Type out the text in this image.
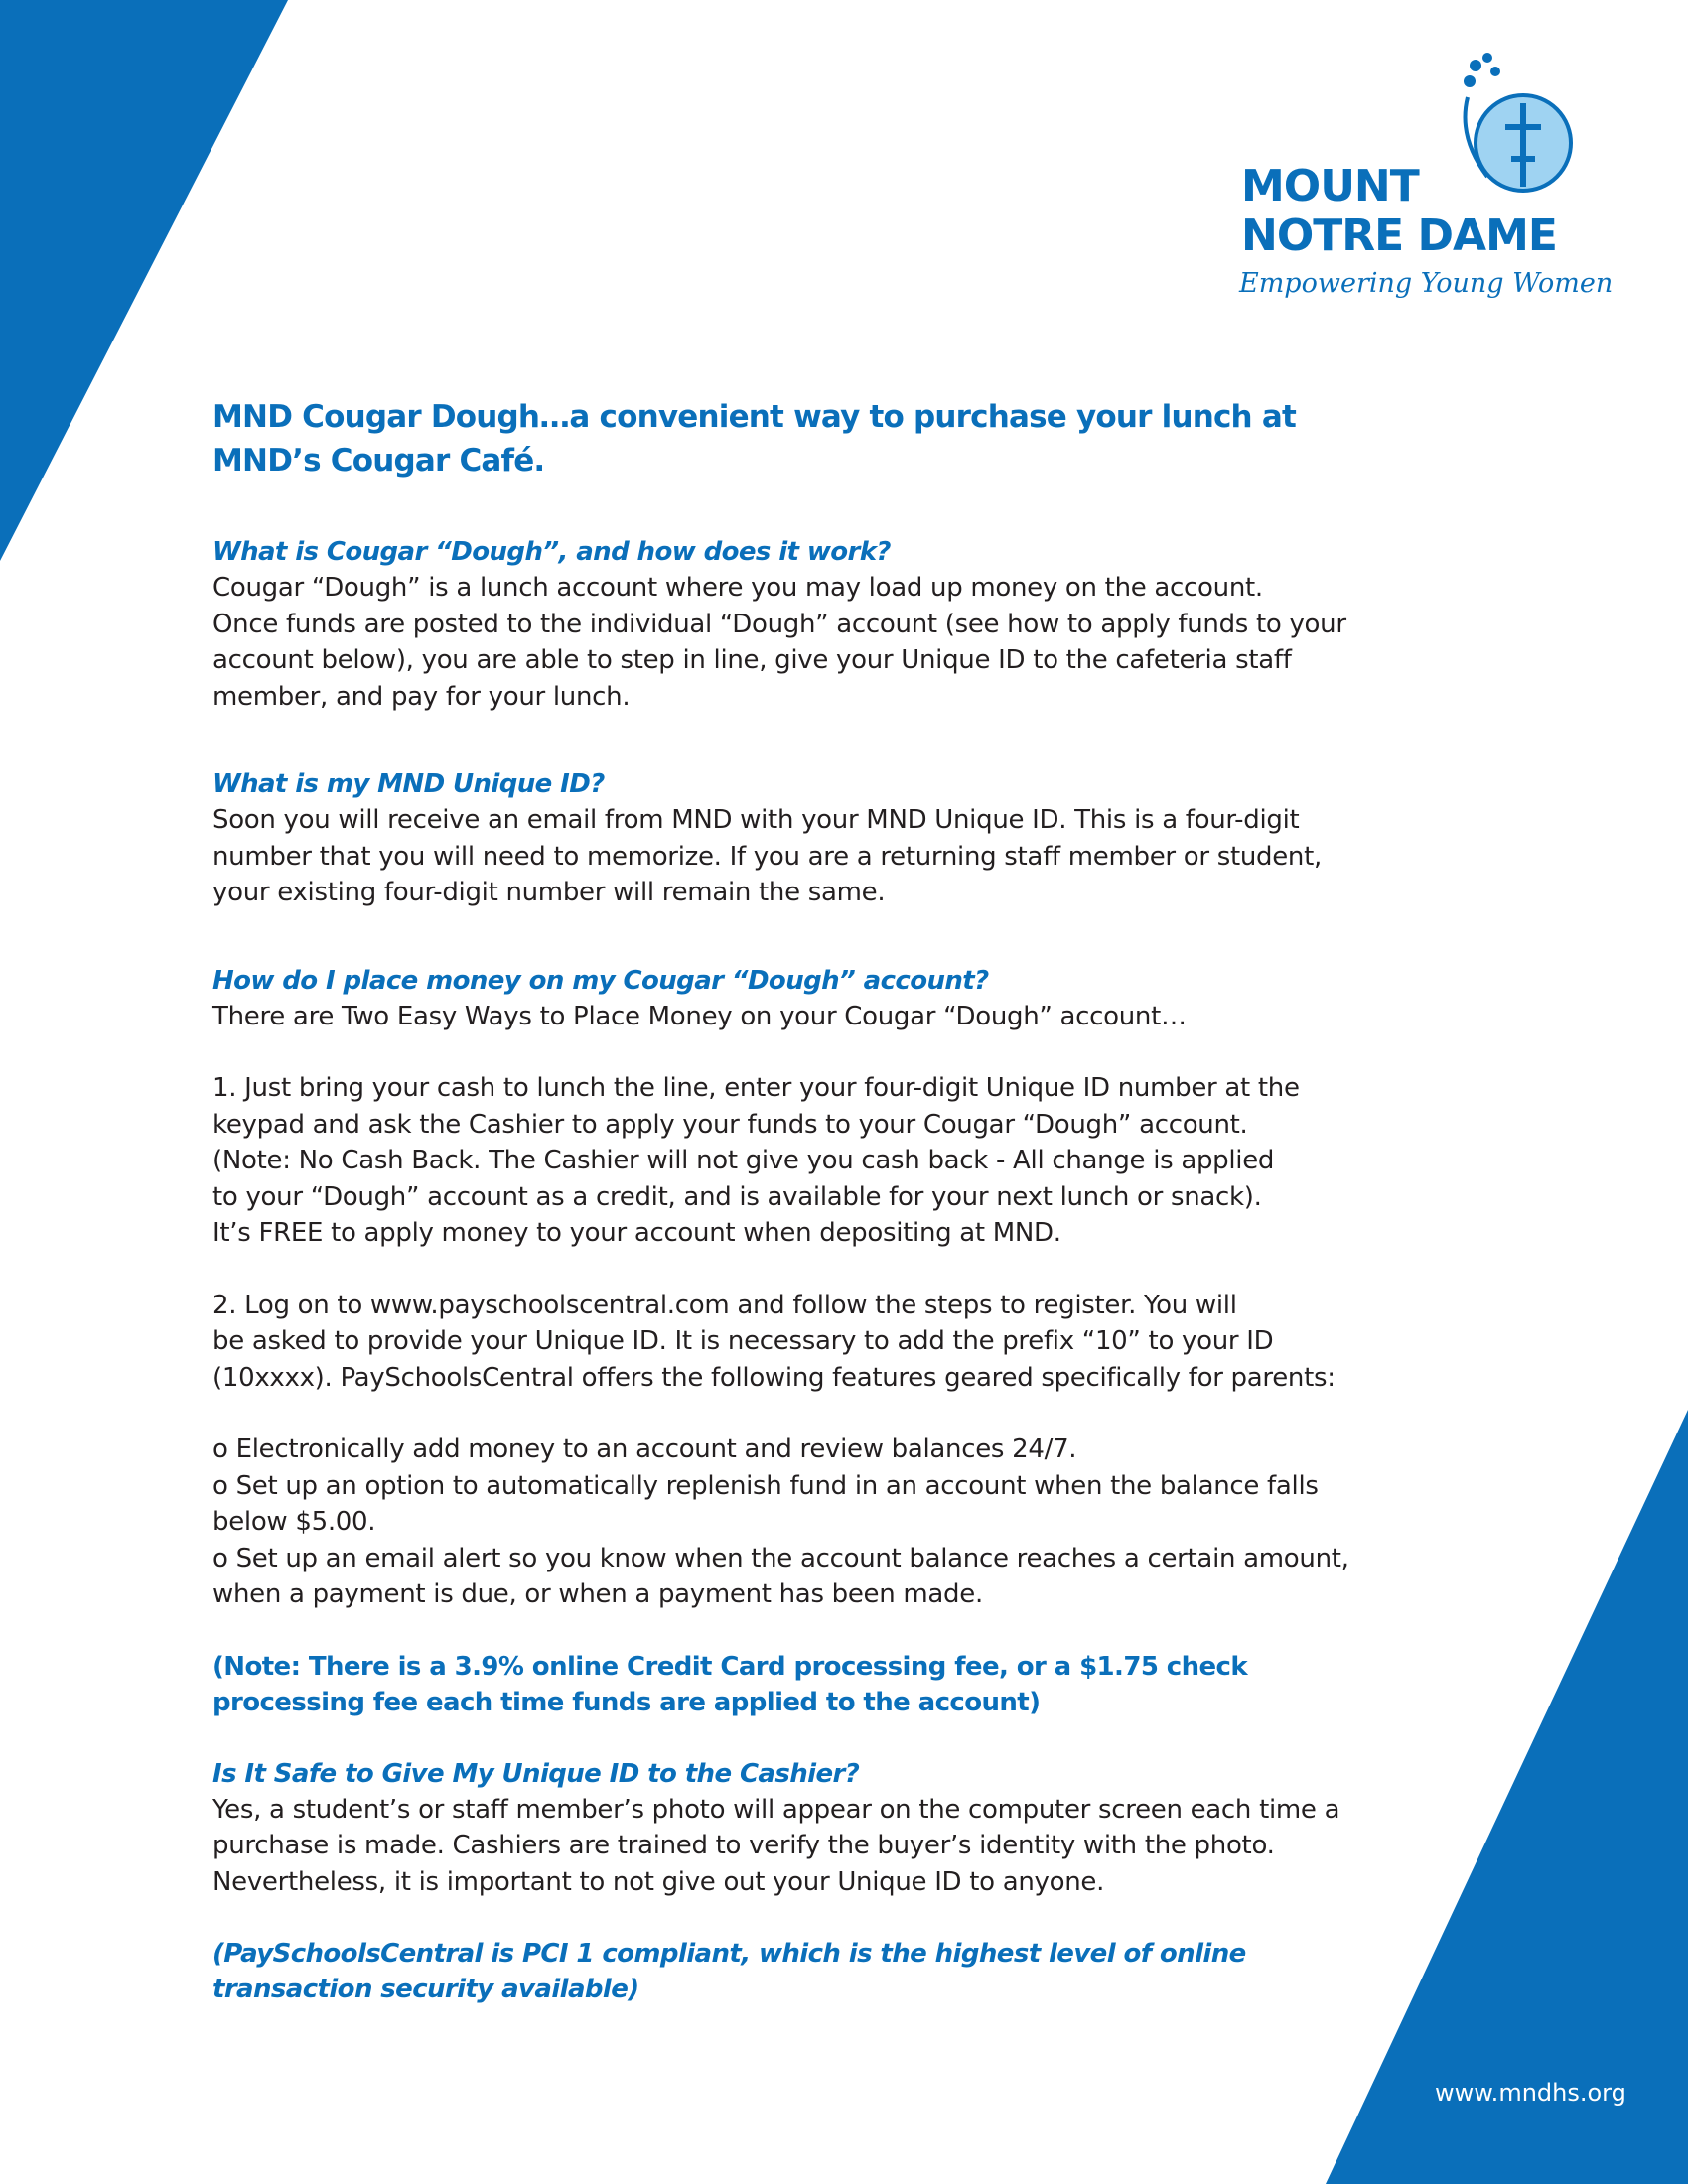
MOUNT
NOTRE DAME
Empowering Young Women

MND Cougar Dough…a convenient way to purchase your lunch at
MND’s Cougar Café.

What is Cougar “Dough”, and how does it work?

Cougar “Dough” is a lunch account where you may load up money on the account.
Once funds are posted to the individual “Dough” account (see how to apply funds to your
account below), you are able to step in line, give your Unique ID to the cafeteria staff
member, and pay for your lunch.

What is my MND Unique ID?

Soon you will receive an email from MND with your MND Unique ID. This is a four-digit
number that you will need to memorize. If you are a returning staff member or student,
your existing four-digit number will remain the same.

How do I place money on my Cougar “Dough” account?

There are Two Easy Ways to Place Money on your Cougar “Dough” account…

1. Just bring your cash to lunch the line, enter your four-digit Unique ID number at the
keypad and ask the Cashier to apply your funds to your Cougar “Dough” account.
(Note: No Cash Back. The Cashier will not give you cash back - All change is applied
to your “Dough” account as a credit, and is available for your next lunch or snack).
It’s FREE to apply money to your account when depositing at MND.

2. Log on to www.payschoolscentral.com and follow the steps to register. You will
be asked to provide your Unique ID. It is necessary to add the prefix “10” to your ID
(10xxxx). PaySchoolsCentral offers the following features geared specifically for parents:

o Electronically add money to an account and review balances 24/7.
o Set up an option to automatically replenish fund in an account when the balance falls
below $5.00.
o Set up an email alert so you know when the account balance reaches a certain amount,
when a payment is due, or when a payment has been made.

(Note: There is a 3.9% online Credit Card processing fee, or a $1.75 check
processing fee each time funds are applied to the account)

Is It Safe to Give My Unique ID to the Cashier?

Yes, a student’s or staff member’s photo will appear on the computer screen each time a
purchase is made. Cashiers are trained to verify the buyer’s identity with the photo.
Nevertheless, it is important to not give out your Unique ID to anyone.

(PaySchoolsCentral is PCI 1 compliant, which is the highest level of online
transaction security available)

www.mndhs.org
